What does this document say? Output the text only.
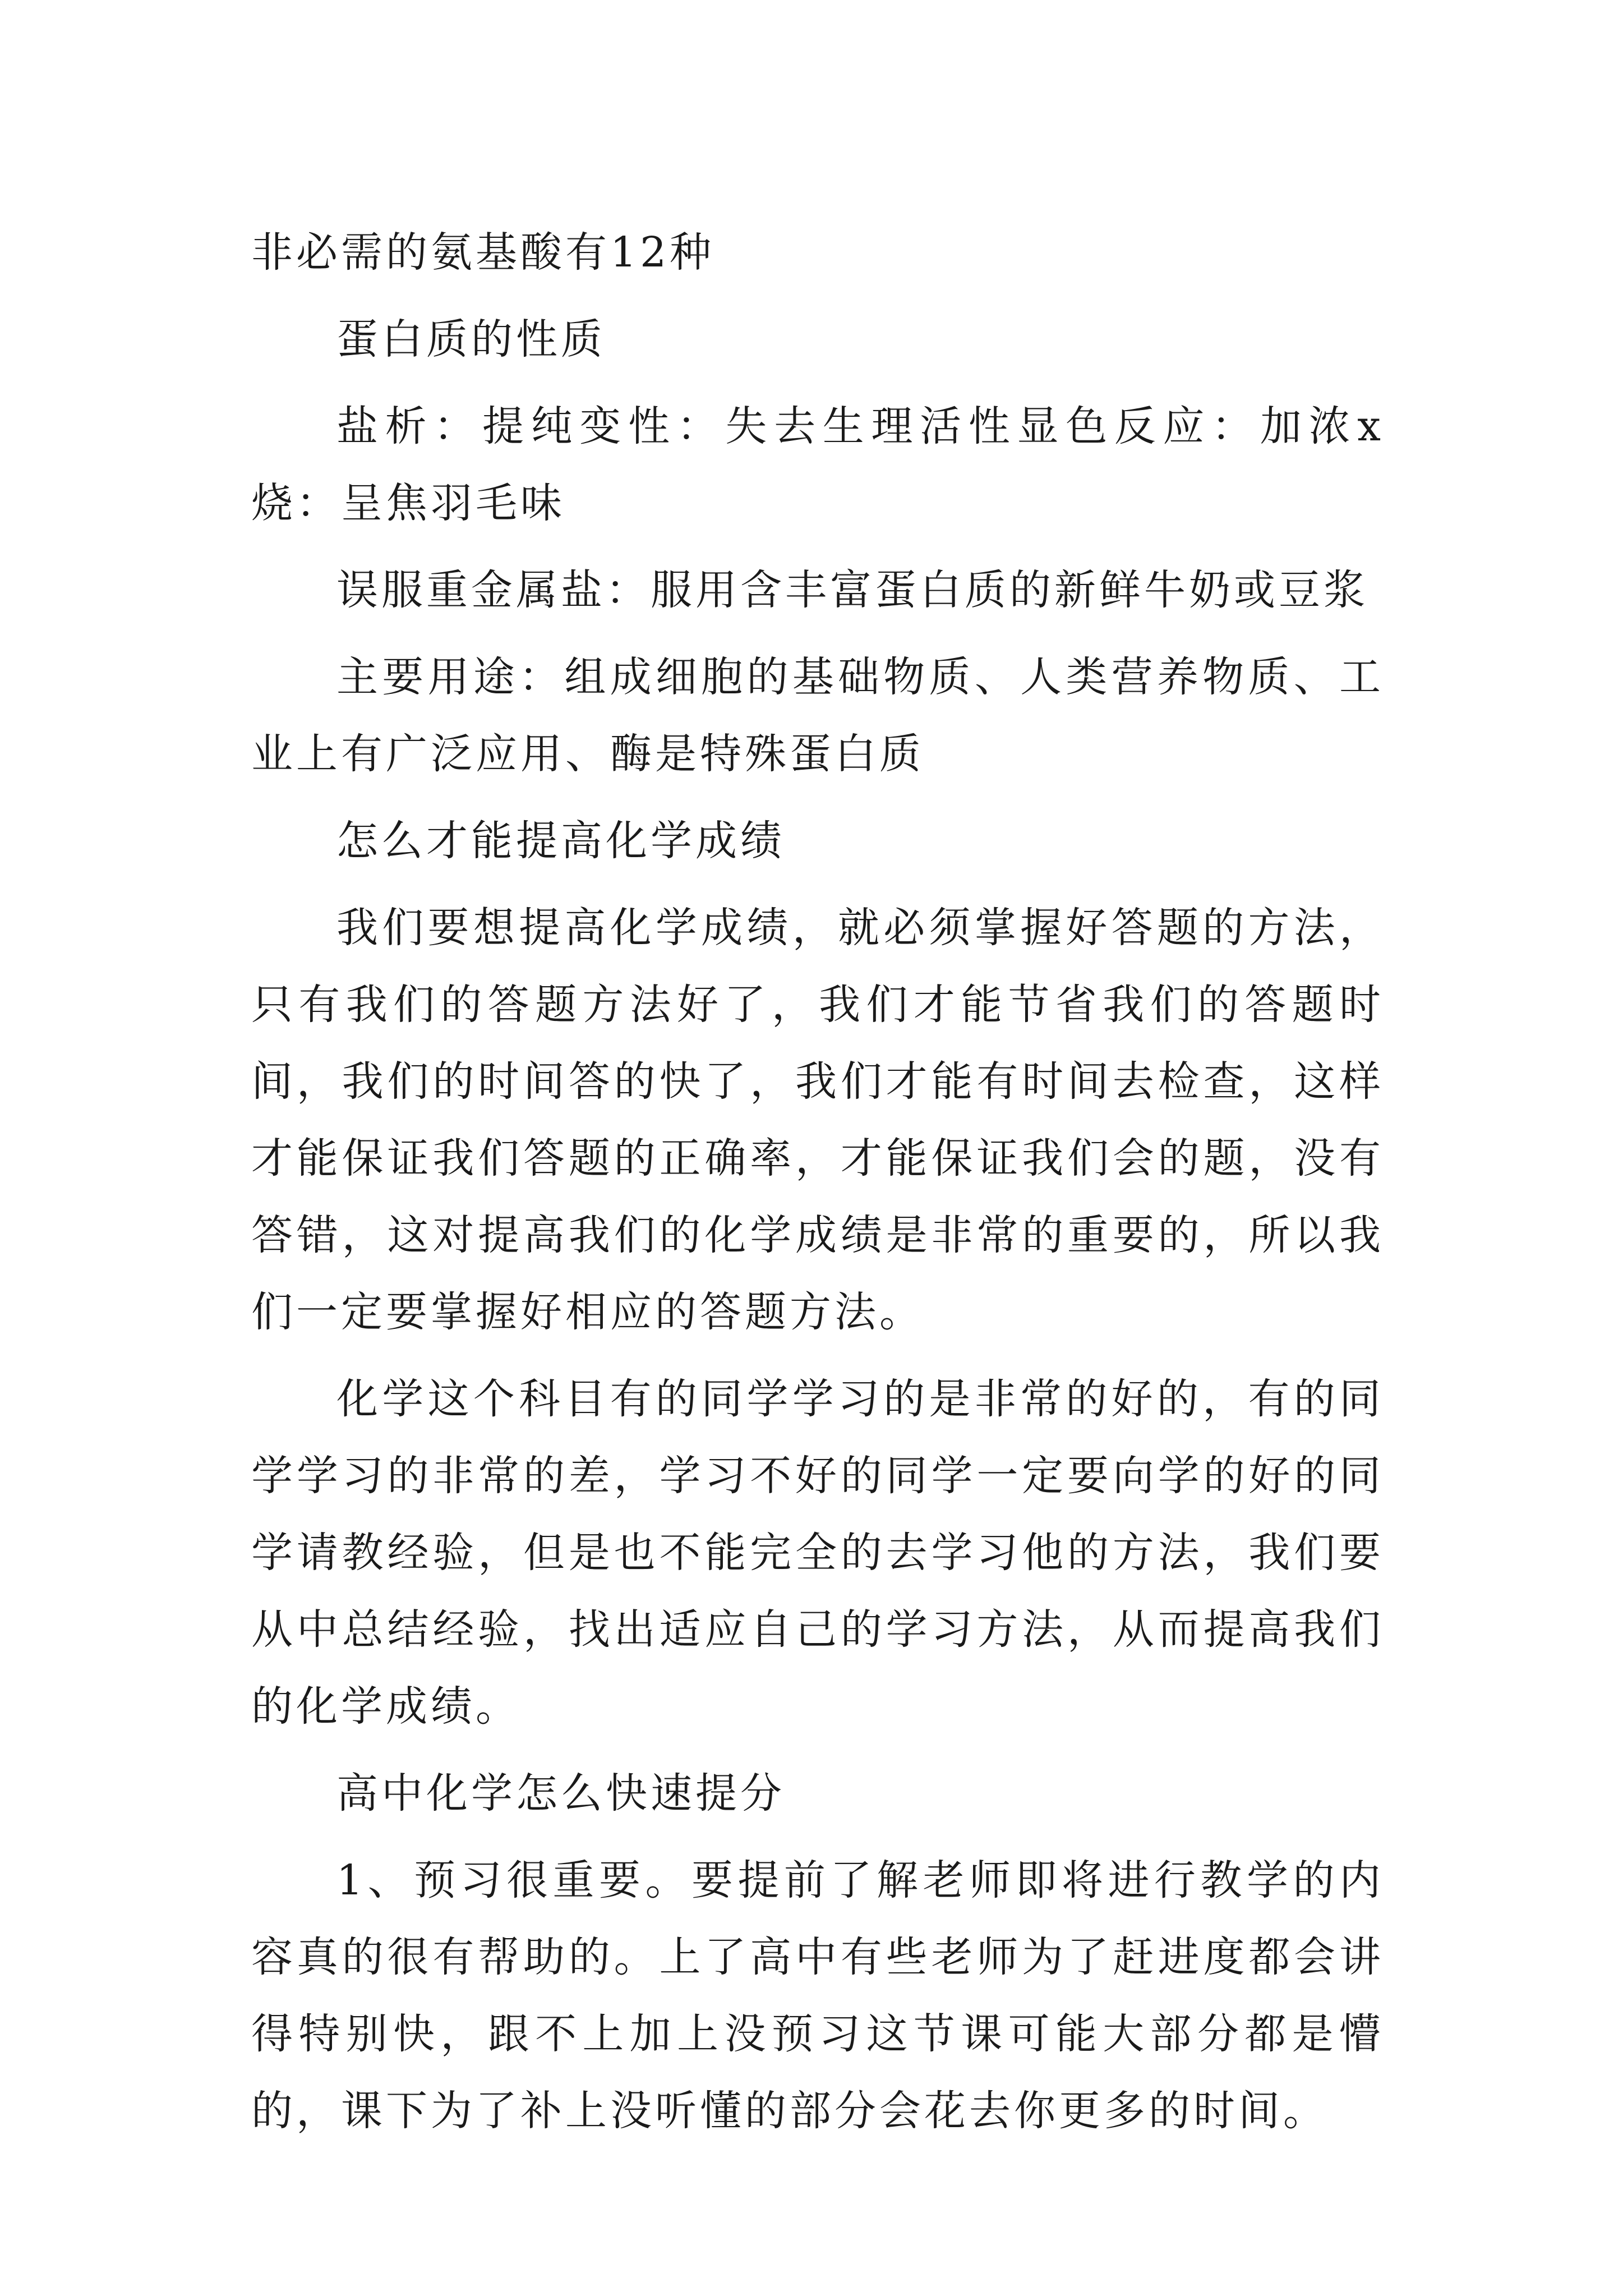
非必需的氨基酸有12种

蛋白质的性质

盐析：提纯变性：失去生理活性显色反应：加浓x烧：呈焦羽毛味

误服重金属盐：服用含丰富蛋白质的新鲜牛奶或豆浆

主要用途：组成细胞的基础物质、人类营养物质、工业上有广泛应用、酶是特殊蛋白质

怎么才能提高化学成绩

我们要想提高化学成绩，就必须掌握好答题的方法，只有我们的答题方法好了，我们才能节省我们的答题时间，我们的时间答的快了，我们才能有时间去检查，这样才能保证我们答题的正确率，才能保证我们会的题，没有答错，这对提高我们的化学成绩是非常的重要的，所以我们一定要掌握好相应的答题方法。

化学这个科目有的同学学习的是非常的好的，有的同学学习的非常的差，学习不好的同学一定要向学的好的同学请教经验，但是也不能完全的去学习他的方法，我们要从中总结经验，找出适应自己的学习方法，从而提高我们的化学成绩。

高中化学怎么快速提分

1、预习很重要。要提前了解老师即将进行教学的内容真的很有帮助的。上了高中有些老师为了赶进度都会讲得特别快，跟不上加上没预习这节课可能大部分都是懵的，课下为了补上没听懂的部分会花去你更多的时间。
